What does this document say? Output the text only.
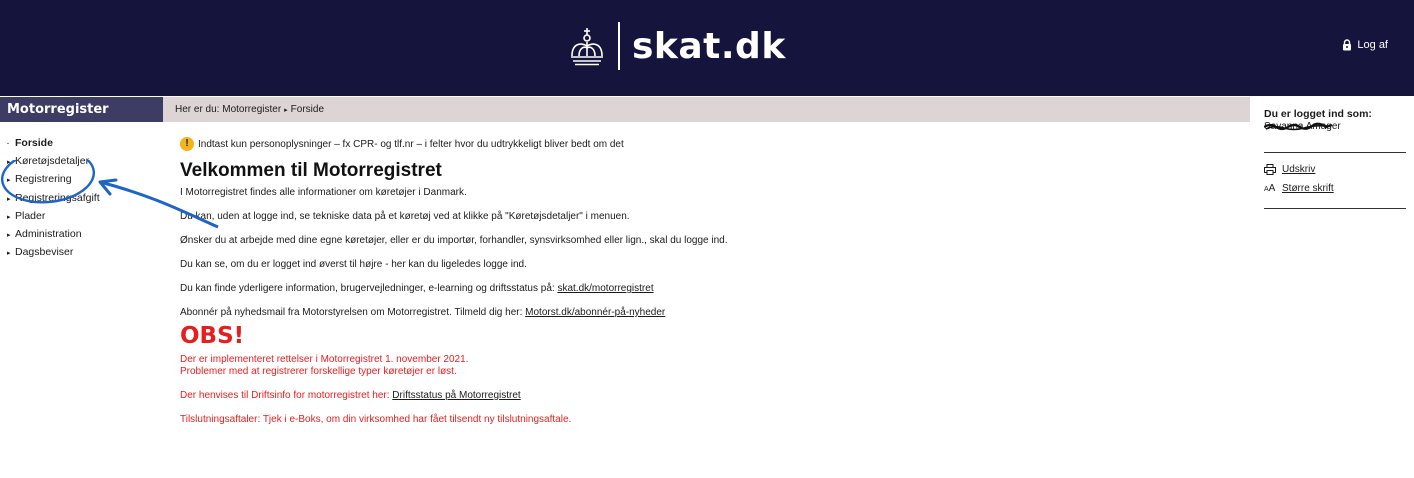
skat.dk	Log af
Motorregister
· Forside
▸ Køretøjsdetaljer
▸ Registrering
▸ Registreringsafgift
▸ Plader
▸ Administration
▸ Dagsbeviser
Her er du: Motorregister ▸ Forside
! Indtast kun personoplysninger – fx CPR- og tlf.nr – i felter hvor du udtrykkeligt bliver bedt om det
Velkommen til Motorregistret

I Motorregistret findes alle informationer om køretøjer i Danmark.

Du kan, uden at logge ind, se tekniske data på et køretøj ved at klikke på "Køretøjsdetaljer" i menuen.

Ønsker du at arbejde med dine egne køretøjer, eller er du importør, forhandler, synsvirksomhed eller lign., skal du logge ind.

Du kan se, om du er logget ind øverst til højre - her kan du ligeledes logge ind.

Du kan finde yderligere information, brugervejledninger, e-learning og driftsstatus på: skat.dk/motorregistret

Abonnér på nyhedsmail fra Motorstyrelsen om Motorregistret. Tilmeld dig her: Motorst.dk/abonnér-på-nyheder

OBS!

Der er implementeret rettelser i Motorregistret 1. november 2021.

Problemer med at registrerer forskellige typer køretøjer er løst.

Der henvises til Driftsinfo for motorregistret her: Driftsstatus på Motorregistret

Tilslutningsaftaler: Tjek i e-Boks, om din virksomhed har fået tilsendt ny tilslutningsaftale.

Du er logget ind som:
Savanna Amager
Udskriv
AA Større skrift
